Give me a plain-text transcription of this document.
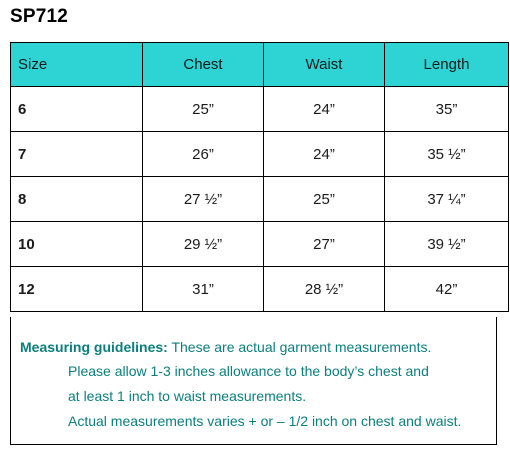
SP712
Size	Chest	Waist	Length
6	25”	24”	35”
7	26”	24”	35 ½”
8	27 ½”	25”	37 ¼”
10	29 ½”	27”	39 ½”
12	31”	28 ½”	42”
Measuring guidelines: These are actual garment measurements.
Please allow 1-3 inches allowance to the body’s chest and
at least 1 inch to waist measurements.
Actual measurements varies + or – 1/2 inch on chest and waist.
